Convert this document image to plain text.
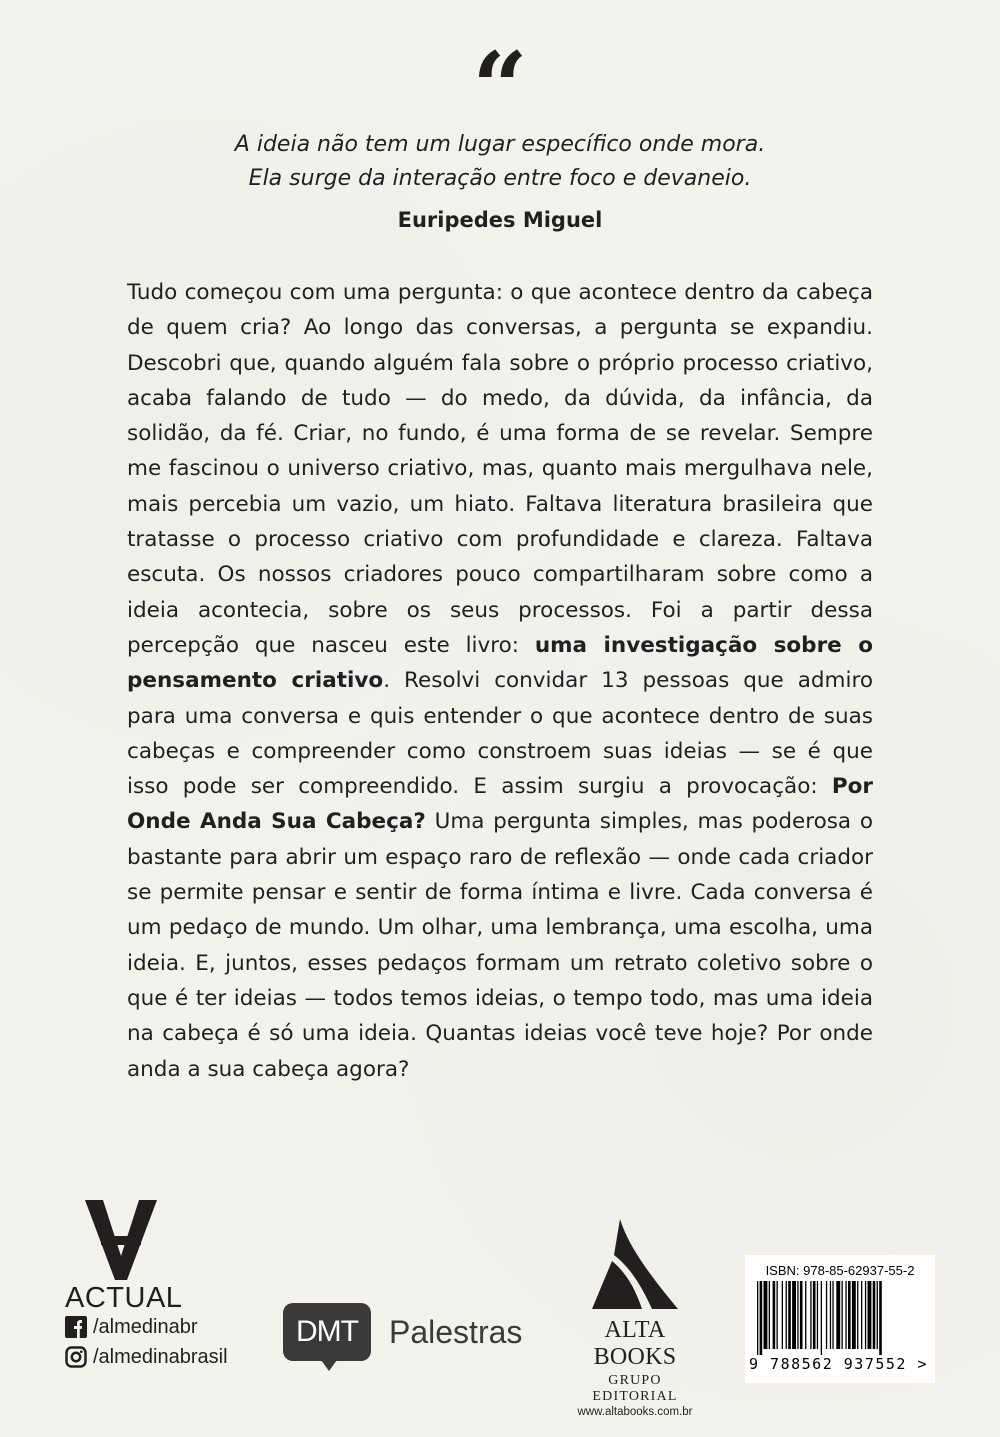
“
A ideia não tem um lugar específico onde mora.
Ela surge da interação entre foco e devaneio.
Euripedes Miguel
Tudo começou com uma pergunta: o que acontece dentro da cabeça de quem cria? Ao longo das conversas, a pergunta se expandiu. Descobri que, quando alguém fala sobre o próprio processo criativo, acaba falando de tudo — do medo, da dúvida, da infância, da solidão, da fé. Criar, no fundo, é uma forma de se revelar. Sempre me fascinou o universo criativo, mas, quanto mais mergulhava nele, mais percebia um vazio, um hiato. Faltava literatura brasileira que tratasse o processo criativo com profundidade e clareza. Faltava escuta. Os nossos criadores pouco compartilharam sobre como a ideia acontecia, sobre os seus processos. Foi a partir dessa percepção que nasceu este livro: uma investigação sobre o pensamento criativo. Resolvi convidar 13 pessoas que admiro para uma conversa e quis entender o que acontece dentro de suas cabeças e compreender como constroem suas ideias — se é que isso pode ser compreendido. E assim surgiu a provocação: Por Onde Anda Sua Cabeça? Uma pergunta simples, mas poderosa o bastante para abrir um espaço raro de reflexão — onde cada criador se permite pensar e sentir de forma íntima e livre. Cada conversa é um pedaço de mundo. Um olhar, uma lembrança, uma escolha, uma ideia. E, juntos, esses pedaços formam um retrato coletivo sobre o que é ter ideias — todos temos ideias, o tempo todo, mas uma ideia na cabeça é só uma ideia. Quantas ideias você teve hoje? Por onde anda a sua cabeça agora?
ACTUAL
/almedinabr
/almedinabrasil
DMT Palestras	ALTA BOOKS
GRUPO EDITORIAL
www.altabooks.com.br
ISBN: 978-85-62937-55-2
9 788562 937552 >
